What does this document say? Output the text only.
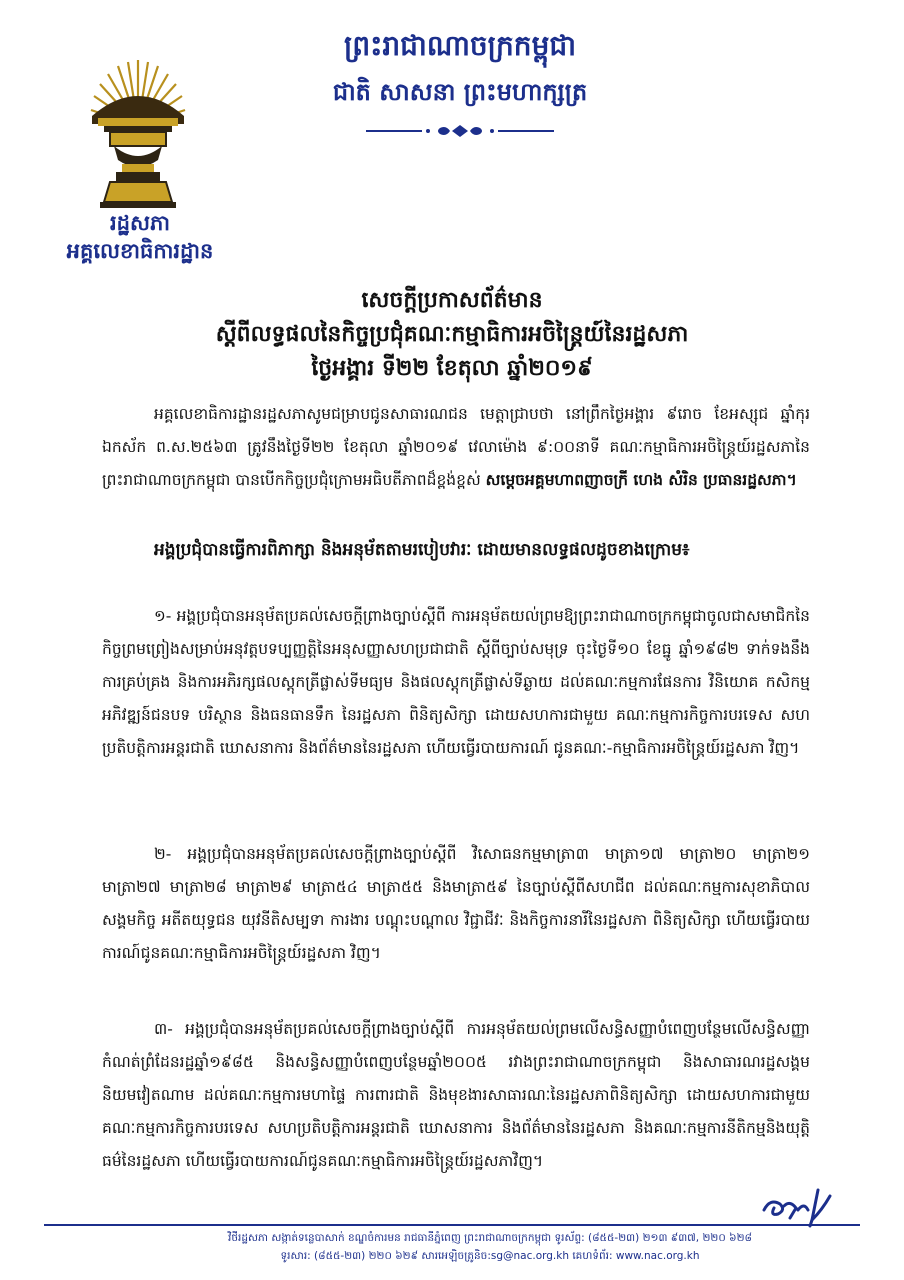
រដ្ឋសភា
អគ្គលេខាធិការដ្ឋាន
ព្រះរាជាណាចក្រកម្ពុជា
ជាតិ សាសនា ព្រះមហាក្សត្រ
សេចក្តីប្រកាសព័ត៌មាន
ស្តីពីលទ្ធផលនៃកិច្ចប្រជុំគណៈកម្មាធិការអចិន្ត្រៃយ៍នៃរដ្ឋសភា
ថ្ងៃអង្គារ ទី២២ ខែតុលា ឆ្នាំ២០១៩
អគ្គលេខាធិការដ្ឋានរដ្ឋសភាសូមជម្រាបជូនសាធារណជន មេត្តាជ្រាបថា នៅព្រឹកថ្ងៃអង្គារ ៩រោច ខែអស្សុជ ឆ្នាំកុរ ឯកស័ក ព.ស.២៥៦៣ ត្រូវនឹងថ្ងៃទី២២ ខែតុលា ឆ្នាំ២០១៩ វេលាម៉ោង ៩:០០នាទី គណៈកម្មាធិការអចិន្ត្រៃយ៍រដ្ឋសភានៃព្រះរាជាណាចក្រកម្ពុជា បានបើកកិច្ចប្រជុំក្រោមអធិបតីភាពដ៏ខ្ពង់ខ្ពស់ សម្តេចអគ្គមហាពញាចក្រី ហេង សំរិន ប្រធានរដ្ឋសភា។
អង្គប្រជុំបានធ្វើការពិភាក្សា និងអនុម័តតាមរបៀបវារៈ ដោយមានលទ្ធផលដូចខាងក្រោម៖
១- អង្គប្រជុំបានអនុម័តប្រគល់សេចក្តីព្រាងច្បាប់ស្តីពី ការអនុម័តយល់ព្រមឱ្យព្រះរាជាណាចក្រកម្ពុជាចូលជាសមាជិកនៃកិច្ចព្រមព្រៀងសម្រាប់អនុវត្តបទប្បញ្ញត្តិនៃអនុសញ្ញាសហប្រជាជាតិ ស្តីពីច្បាប់សមុទ្រ ចុះថ្ងៃទី១០ ខែធ្នូ ឆ្នាំ១៩៨២ ទាក់ទងនឹងការគ្រប់គ្រង និងការអភិរក្សផលស្តុកត្រីផ្លាស់ទីមធ្យម និងផលស្តុកត្រីផ្លាស់ទីឆ្ងាយ ដល់គណៈកម្មការផែនការ វិនិយោគ កសិកម្ម អភិវឌ្ឍន៍ជនបទ បរិស្ថាន និងធនធានទឹក នៃរដ្ឋសភា ពិនិត្យសិក្សា ដោយសហការជាមួយ គណៈកម្មការកិច្ចការបរទេស សហប្រតិបត្តិការអន្តរជាតិ ឃោសនាការ និងព័ត៌មាននៃរដ្ឋសភា ហើយធ្វើរបាយការណ៍ ជូនគណៈ-កម្មាធិការអចិន្ត្រៃយ៍រដ្ឋសភា វិញ។
២- អង្គប្រជុំបានអនុម័តប្រគល់សេចក្តីព្រាងច្បាប់ស្តីពី វិសោធនកម្មមាត្រា៣ មាត្រា១៧ មាត្រា២០ មាត្រា២១ មាត្រា២៧ មាត្រា២៨ មាត្រា២៩ មាត្រា៥៤ មាត្រា៥៥ និងមាត្រា៥៩ នៃច្បាប់ស្តីពីសហជីព ដល់គណៈកម្មការសុខាភិបាល សង្គមកិច្ច អតីតយុទ្ធជន យុវនីតិសម្បទា ការងារ បណ្តុះបណ្តាល វិជ្ជាជីវៈ និងកិច្ចការនារីនៃរដ្ឋសភា ពិនិត្យសិក្សា ហើយធ្វើរបាយការណ៍ជូនគណៈកម្មាធិការអចិន្ត្រៃយ៍រដ្ឋសភា វិញ។
៣- អង្គប្រជុំបានអនុម័តប្រគល់សេចក្តីព្រាងច្បាប់ស្តីពី ការអនុម័តយល់ព្រមលើសន្ធិសញ្ញាបំពេញបន្ថែមលើសន្ធិសញ្ញាកំណត់ព្រំដែនរដ្ឋឆ្នាំ១៩៨៥ និងសន្ធិសញ្ញាបំពេញបន្ថែមឆ្នាំ២០០៥ រវាងព្រះរាជាណាចក្រកម្ពុជា និងសាធារណរដ្ឋសង្គមនិយមវៀតណាម ដល់គណៈកម្មការមហាផ្ទៃ ការពារជាតិ និងមុខងារសាធារណៈនៃរដ្ឋសភាពិនិត្យសិក្សា ដោយសហការជាមួយគណៈកម្មការកិច្ចការបរទេស សហប្រតិបត្តិការអន្តរជាតិ ឃោសនាការ និងព័ត៌មាននៃរដ្ឋសភា និងគណៈកម្មការនីតិកម្មនិងយុត្តិធម៌នៃរដ្ឋសភា ហើយធ្វើរបាយការណ៍ជូនគណៈកម្មាធិការអចិន្ត្រៃយ៍រដ្ឋសភាវិញ។
វិថីរដ្ឋសភា សង្កាត់ទន្លេបាសាក់ ខណ្ឌចំការមន រាជធានីភ្នំពេញ ព្រះរាជាណាចក្រកម្ពុជា ទូរស័ព្ទ: (៨៥៥-២៣) ២១៣ ៩៣៧, ២២០ ៦២៨
ទូរសារ: (៨៥៥-២៣) ២២០ ៦២៩ សារអេឡិចត្រូនិច:sg@nac.org.kh គេហទំព័រ: www.nac.org.kh
